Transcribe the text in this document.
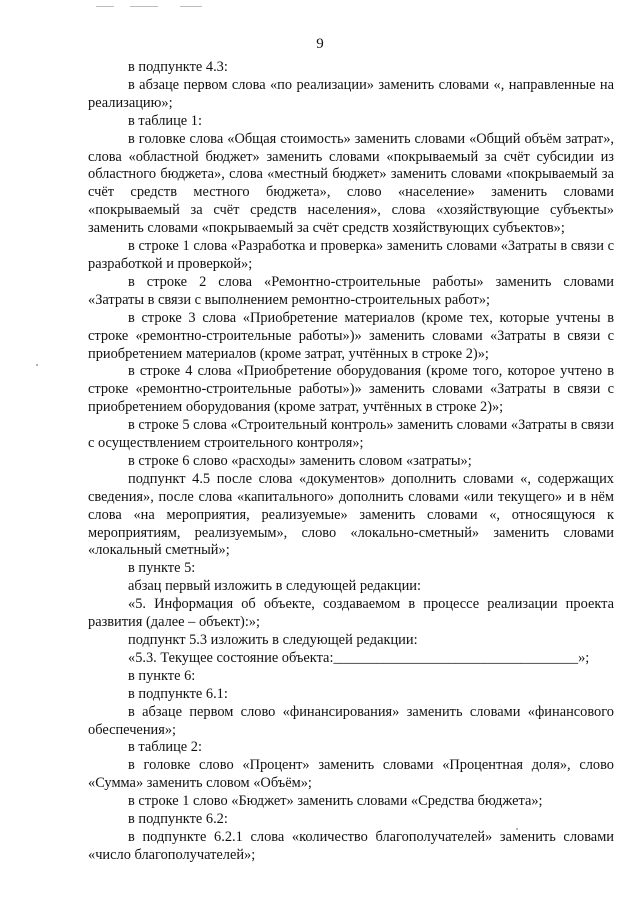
9

в подпункте 4.3:

в абзаце первом слова «по реализации» заменить словами «, направленные на реализацию»;

в таблице 1:

в головке слова «Общая стоимость» заменить словами «Общий объём затрат», слова «областной бюджет» заменить словами «покрываемый за счёт субсидии из областного бюджета», слова «местный бюджет» заменить словами «покрываемый за счёт средств местного бюджета», слово «население» заменить словами «покрываемый за счёт средств населения», слова «хозяйствующие субъекты» заменить словами «покрываемый за счёт средств хозяйствующих субъектов»;

в строке 1 слова «Разработка и проверка» заменить словами «Затраты в связи с разработкой и проверкой»;

в строке 2 слова «Ремонтно-строительные работы» заменить словами «Затраты в связи с выполнением ремонтно-строительных работ»;

в строке 3 слова «Приобретение материалов (кроме тех, которые учтены в строке «ремонтно-строительные работы»)» заменить словами «Затраты в связи с приобретением материалов (кроме затрат, учтённых в строке 2)»;

в строке 4 слова «Приобретение оборудования (кроме того, которое учтено в строке «ремонтно-строительные работы»)» заменить словами «Затраты в связи с приобретением оборудования (кроме затрат, учтённых в строке 2)»;

в строке 5 слова «Строительный контроль» заменить словами «Затраты в связи с осуществлением строительного контроля»;

в строке 6 слово «расходы» заменить словом «затраты»;

подпункт 4.5 после слова «документов» дополнить словами «, содержащих сведения», после слова «капитального» дополнить словами «или текущего» и в нём слова «на мероприятия, реализуемые» заменить словами «, относящуюся к мероприятиям, реализуемым», слово «локально-сметный» заменить словами «локальный сметный»;

в пункте 5:

абзац первый изложить в следующей редакции:

«5. Информация об объекте, создаваемом в процессе реализации проекта развития (далее – объект):»;

подпункт 5.3 изложить в следующей редакции:

«5.3. Текущее состояние объекта:__________________________________»;

в пункте 6:

в подпункте 6.1:

в абзаце первом слово «финансирования» заменить словами «финансового обеспечения»;

в таблице 2:

в головке слово «Процент» заменить словами «Процентная доля», слово «Сумма» заменить словом «Объём»;

в строке 1 слово «Бюджет» заменить словами «Средства бюджета»;

в подпункте 6.2:

в подпункте 6.2.1 слова «количество благополучателей» заменить словами «число благополучателей»;
